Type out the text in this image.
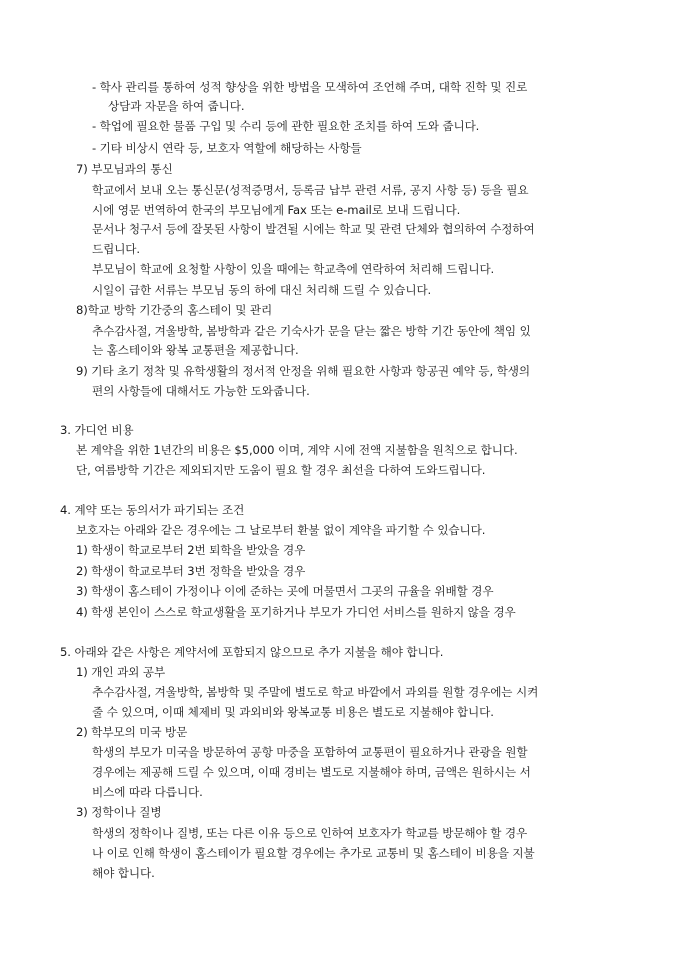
- 학사 관리를 통하여 성적 향상을 위한 방법을 모색하여 조언해 주며, 대학 진학 및 진로
상담과 자문을 하여 줍니다.
- 학업에 필요한 물품 구입 및 수리 등에 관한 필요한 조치를 하여 도와 줍니다.
- 기타 비상시 연락 등, 보호자 역할에 해당하는 사항들
7) 부모님과의 통신
학교에서 보내 오는 통신문(성적증명서, 등록금 납부 관련 서류, 공지 사항 등) 등을 필요
시에 영문 번역하여 한국의 부모님에게 Fax 또는 e-mail로 보내 드립니다.
문서나 청구서 등에 잘못된 사항이 발견될 시에는 학교 및 관련 단체와 협의하여 수정하여
드립니다.
부모님이 학교에 요청할 사항이 있을 때에는 학교측에 연락하여 처리해 드립니다.
시일이 급한 서류는 부모님 동의 하에 대신 처리해 드릴 수 있습니다.
8)학교 방학 기간중의 홈스테이 및 관리
추수감사절, 겨울방학, 봄방학과 같은 기숙사가 문을 닫는 짧은 방학 기간 동안에 책임 있
는 홈스테이와 왕복 교통편을 제공합니다.
9) 기타 초기 정착 및 유학생활의 정서적 안정을 위해 필요한 사항과 항공권 예약 등, 학생의
편의 사항들에 대해서도 가능한 도와줍니다.
3. 가디언 비용
본 계약을 위한 1년간의 비용은 $5,000 이며, 계약 시에 전액 지불함을 원칙으로 합니다.
단, 여름방학 기간은 제외되지만 도움이 필요 할 경우 최선을 다하여 도와드립니다.
4. 계약 또는 동의서가 파기되는 조건
보호자는 아래와 같은 경우에는 그 날로부터 환불 없이 계약을 파기할 수 있습니다.
1) 학생이 학교로부터 2번 퇴학을 받았을 경우
2) 학생이 학교로부터 3번 정학을 받았을 경우
3) 학생이 홈스테이 가정이나 이에 준하는 곳에 머물면서 그곳의 규율을 위배할 경우
4) 학생 본인이 스스로 학교생활을 포기하거나 부모가 가디언 서비스를 원하지 않을 경우
5. 아래와 같은 사항은 계약서에 포함되지 않으므로 추가 지불을 해야 합니다.
1) 개인 과외 공부
추수감사절, 겨울방학, 봄방학 및 주말에 별도로 학교 바깥에서 과외를 원할 경우에는 시켜
줄 수 있으며, 이때 체제비 및 과외비와 왕복교통 비용은 별도로 지불해야 합니다.
2) 학부모의 미국 방문
학생의 부모가 미국을 방문하여 공항 마중을 포함하여 교통편이 필요하거나 관광을 원할
경우에는 제공해 드릴 수 있으며, 이때 경비는 별도로 지불해야 하며, 금액은 원하시는 서
비스에 따라 다릅니다.
3) 정학이나 질병
학생의 정학이나 질병, 또는 다른 이유 등으로 인하여 보호자가 학교를 방문해야 할 경우
나 이로 인해 학생이 홈스테이가 필요할 경우에는 추가로 교통비 및 홈스테이 비용을 지불
해야 합니다.
